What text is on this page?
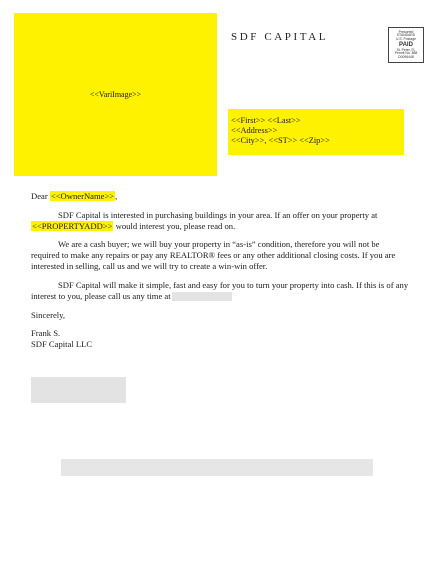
<<VariImage>>
SDF CAPITAL	Presorted
STANDARD
U.S. Postage
PAID
St. Peter, FL
Permit No. 888
D0096448
<<First>> <<Last>>
<<Address>>
<<City>>, <<ST>> <<Zip>>

Dear <<OwnerName>>,

SDF Capital is interested in purchasing buildings in your area. If an offer on your property at <<PROPERTYADD>> would interest you, please read on.

We are a cash buyer; we will buy your property in “as-is” condition, therefore you will not be required to make any repairs or pay any REALTOR® fees or any other additional closing costs. If you are interested in selling, call us and we will try to create a win-win offer.

SDF Capital will make it simple, fast and easy for you to turn your property into cash. If this is of any interest to you, please call us any time at

Sincerely,

Frank S.
SDF Capital LLC
